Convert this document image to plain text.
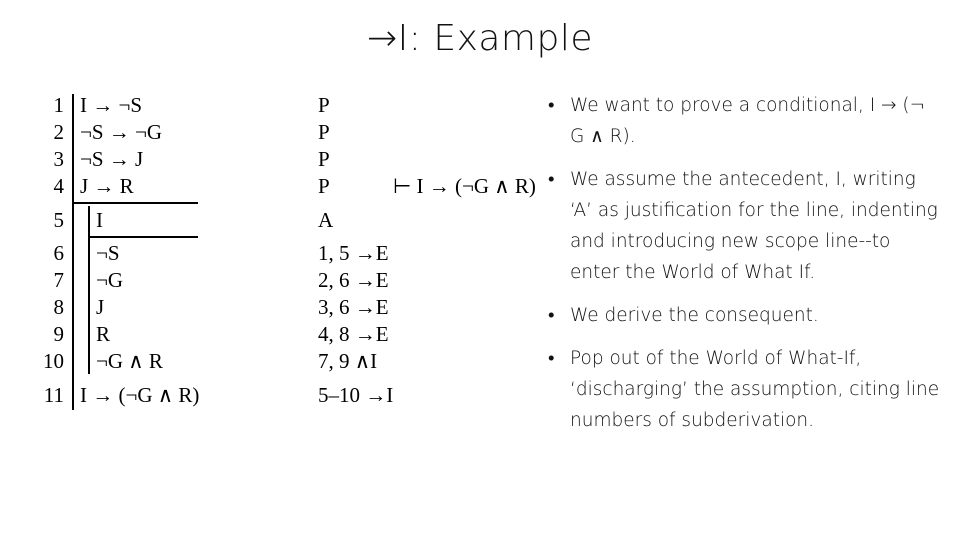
→I: Example
1 I → ¬S	P
2 ¬S → ¬G	P
3 ¬S → J	P
4 J → R	P	⊢ I → (¬G ∧ R)
5 I	A
6 ¬S	1, 5 →E
7 ¬G	2, 6 →E
8 J	3, 6 →E
9 R	4, 8 →E
10 ¬G ∧ R	7, 9 ∧I
11 I → (¬G ∧ R)	5–10 →I
• We want to prove a conditional, I → (¬ G ∧ R).
• We assume the antecedent, I, writing ‘A’ as justification for the line, indenting and introducing new scope line--to enter the World of What If.
• We derive the consequent.
• Pop out of the World of What-If, ‘discharging’ the assumption, citing line numbers of subderivation.
